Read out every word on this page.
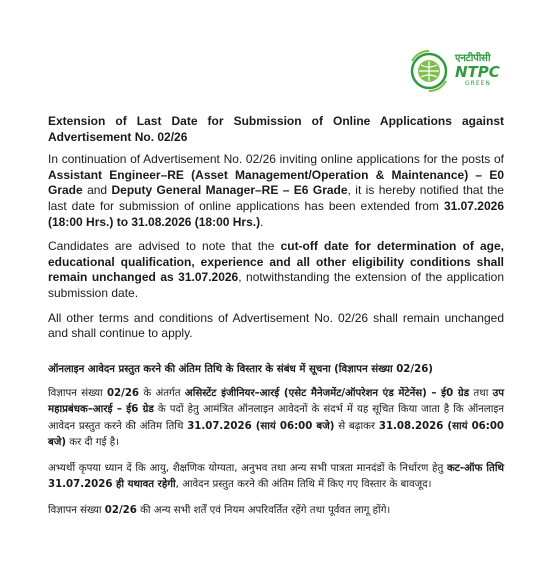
एनटीपीसी
NTPC
GREEN
Extension of Last Date for Submission of Online Applications against Advertisement No. 02/26

In continuation of Advertisement No. 02/26 inviting online applications for the posts of Assistant Engineer–RE (Asset Management/Operation & Maintenance) – E0 Grade and Deputy General Manager–RE – E6 Grade, it is hereby notified that the last date for submission of online applications has been extended from 31.07.2026 (18:00 Hrs.) to 31.08.2026 (18:00 Hrs.).

Candidates are advised to note that the cut-off date for determination of age, educational qualification, experience and all other eligibility conditions shall remain unchanged as 31.07.2026, notwithstanding the extension of the application submission date.

All other terms and conditions of Advertisement No. 02/26 shall remain unchanged and shall continue to apply.

ऑनलाइन आवेदन प्रस्तुत करने की अंतिम तिथि के विस्तार के संबंध में सूचना (विज्ञापन संख्या 02/26)

विज्ञापन संख्या 02/26 के अंतर्गत असिस्टेंट इंजीनियर–आरई (एसेट मैनेजमेंट/ऑपरेशन एंड मेंटेनेंस) – ई0 ग्रेड तथा उप महाप्रबंधक–आरई – ई6 ग्रेड के पदों हेतु आमंत्रित ऑनलाइन आवेदनों के संदर्भ में यह सूचित किया जाता है कि ऑनलाइन आवेदन प्रस्तुत करने की अंतिम तिथि 31.07.2026 (सायं 06:00 बजे) से बढ़ाकर 31.08.2026 (सायं 06:00 बजे) कर दी गई है।

अभ्यर्थी कृपया ध्यान दें कि आयु, शैक्षणिक योग्यता, अनुभव तथा अन्य सभी पात्रता मानदंडों के निर्धारण हेतु कट-ऑफ तिथि 31.07.2026 ही यथावत रहेगी, आवेदन प्रस्तुत करने की अंतिम तिथि में किए गए विस्तार के बावजूद।

विज्ञापन संख्या 02/26 की अन्य सभी शर्तें एवं नियम अपरिवर्तित रहेंगे तथा पूर्ववत लागू होंगे।
